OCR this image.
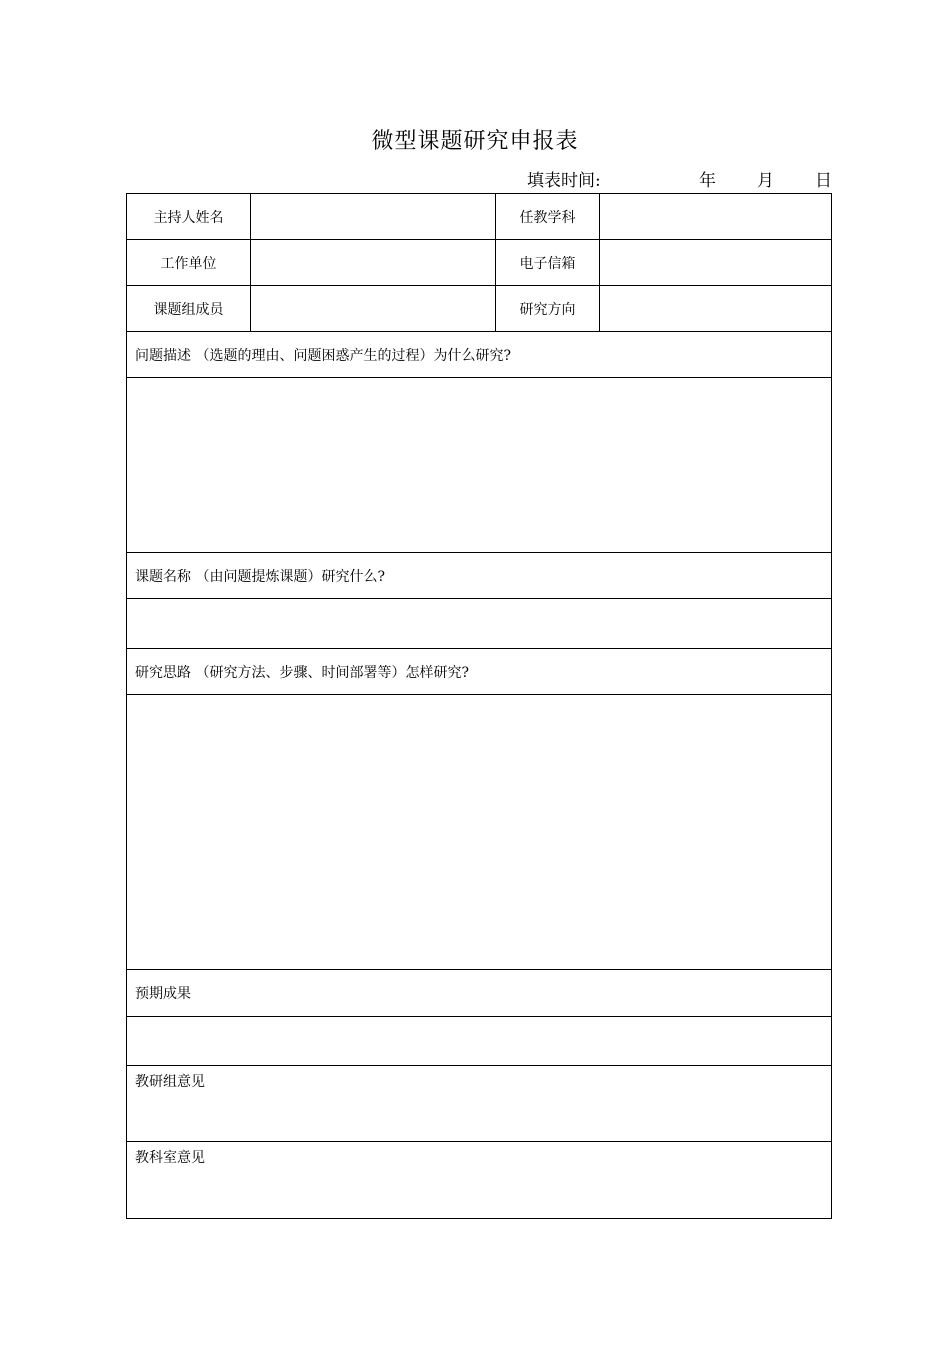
微型课题研究申报表
填表时间:	年 月 日
主持人姓名		任教学科	
工作单位		电子信箱	
课题组成员		研究方向	
问题描述 （选题的理由、问题困惑产生的过程）为什么研究?			

课题名称 （由问题提炼课题）研究什么?			

研究思路 （研究方法、步骤、时间部署等）怎样研究?			

预期成果			

教研组意见			
教科室意见			
